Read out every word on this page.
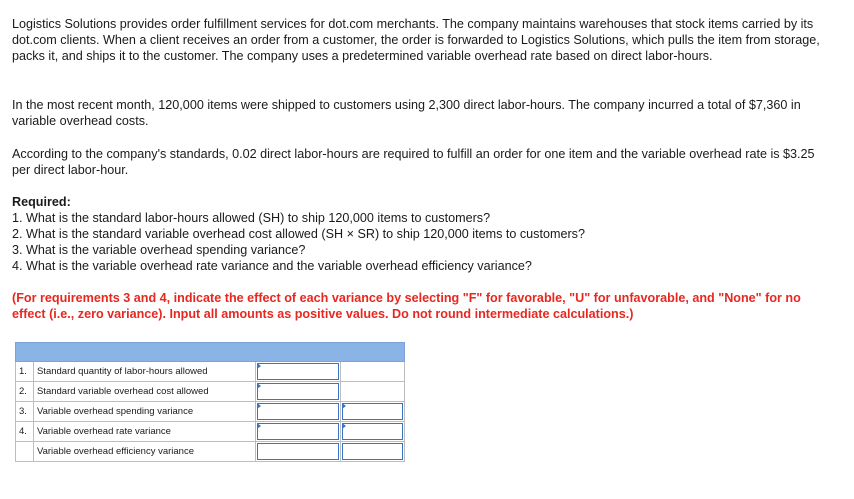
Logistics Solutions provides order fulfillment services for dot.com merchants. The company maintains warehouses that stock items carried by its dot.com clients. When a client receives an order from a customer, the order is forwarded to Logistics Solutions, which pulls the item from storage, packs it, and ships it to the customer. The company uses a predetermined variable overhead rate based on direct labor-hours.

In the most recent month, 120,000 items were shipped to customers using 2,300 direct labor-hours. The company incurred a total of $7,360 in variable overhead costs.

According to the company's standards, 0.02 direct labor-hours are required to fulfill an order for one item and the variable overhead rate is $3.25 per direct labor-hour.

Required:
1. What is the standard labor-hours allowed (SH) to ship 120,000 items to customers?
2. What is the standard variable overhead cost allowed (SH × SR) to ship 120,000 items to customers?
3. What is the variable overhead spending variance?
4. What is the variable overhead rate variance and the variable overhead efficiency variance?

(For requirements 3 and 4, indicate the effect of each variance by selecting "F" for favorable, "U" for unfavorable, and "None" for no effect (i.e., zero variance). Input all amounts as positive values. Do not round intermediate calculations.)

1.	Standard quantity of labor-hours allowed
2.	Standard variable overhead cost allowed
3.	Variable overhead spending variance
4.	Variable overhead rate variance
Variable overhead efficiency variance
